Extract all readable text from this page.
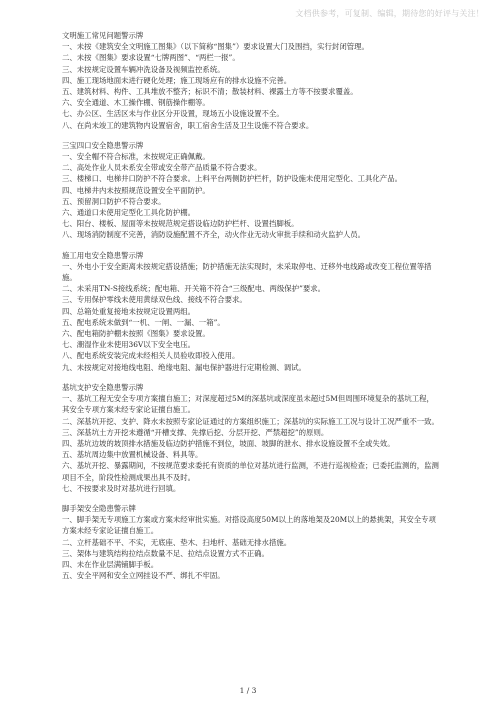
文档供参考，可复制、编辑，期待您的好评与关注！
文明施工常见问题警示牌
一、未按《建筑安全文明施工图集》（以下简称“图集”）要求设置大门及围挡，实行封闭管理。
二、未按《图集》要求设置“七牌两图”、“两栏一报”。
三、未按规定设置车辆冲洗设备及视频监控系统。
四、施工现场地面未进行硬化处理；施工现场应有的排水设施不完善。
五、建筑材料、构件、工具堆放不整齐；标识不清；散装材料、裸露土方等不按要求覆盖。
六、安全通道、木工操作棚、钢筋操作棚等。
七、办公区、生活区未与作业区分开设置，现场五小设施设置不全。
八、在尚未竣工的建筑物内设置宿舍，职工宿舍生活及卫生设施不符合要求。
三宝四口安全隐患警示牌
一、安全帽不符合标准，未按规定正确佩戴。
二、高处作业人员未系安全带或安全带产品质量不符合要求。
三、楼梯口、电梯井口防护不符合要求。上料平台两侧防护栏杆，防护设施未使用定型化、工具化产品。
四、电梯井内未按照规范设置安全平面防护。
五、预留洞口防护不符合要求。
六、通道口未使用定型化工具化防护棚。
七、阳台、楼板、屋面等未按规范规定搭设临边防护栏杆、设置挡脚板。
八、现场消防制度不完善，消防设施配置不齐全，动火作业无动火审批手续和动火监护人员。
施工用电安全隐患警示牌
一、外电小于安全距离未按规定搭设措施；防护措施无法实现时，未采取停电、迁移外电线路或改变工程位置等措施。
二、未采用TN-S接线系统；配电箱、开关箱不符合“三级配电、两级保护”要求。
三、专用保护零线未使用黄绿双色线、接线不符合要求。
四、总箱处重复接地未按规定设置两组。
五、配电系统未做到“一机、一闸、一漏、一箱”。
六、配电箱防护棚未按照《图集》要求设置。
七、潮湿作业未使用36V以下安全电压。
八、配电系统安装完成未经相关人员验收即投入使用。
九、未按规定对接地线电阻、绝缘电阻、漏电保护器进行定期检测、调试。
基坑支护安全隐患警示牌
一、基坑工程无安全专项方案擅自施工；对深度超过5M的深基坑或深度虽未超过5M但周围环境复杂的基坑工程，其安全专项方案未经专家论证擅自施工。
二、深基坑开挖、支护、降水未按照专家论证通过的方案组织施工；深基坑的实际施工工况与设计工况严重不一致。
三、深基坑土方开挖未遵循“开槽支撑、先撑后挖、分层开挖、严禁超挖”的原则。
四、基坑边坡的坡顶排水措施及临边防护措施不到位，坡面、坡脚的泄水、排水设施设置不全或失效。
五、基坑周边集中放置机械设备、料具等。
六、基坑开挖、暴露期间，不按规范要求委托有资质的单位对基坑进行监测，不进行巡视检查；已委托监测的，监测项目不全，阶段性检测成果出具不及时。
七、不按要求及时对基坑进行回填。
脚手架安全隐患警示牌
一、脚手架无专项施工方案或方案未经审批实施。对搭设高度50M以上的落地架及20M以上的悬挑架，其安全专项方案未经专家论证擅自施工。
二、立杆基础不平、不实，无底座、垫木、扫地杆、基础无排水措施。
三、架体与建筑结构拉结点数量不足、拉结点设置方式不正确。
四、未在作业层满铺脚手板。
五、安全平网和安全立网挂设不严、绑扎不牢固。
1 / 3
